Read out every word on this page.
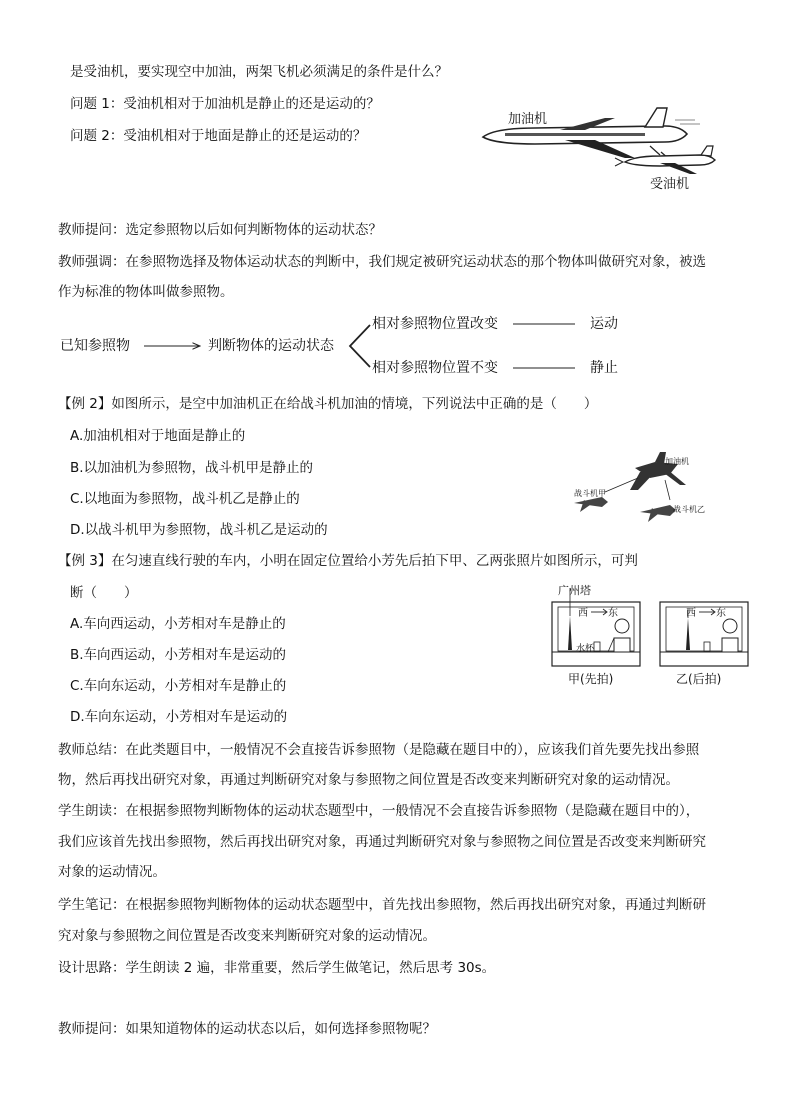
是受油机，要实现空中加油，两架飞机必须满足的条件是什么？
问题 1：受油机相对于加油机是静止的还是运动的？
问题 2：受油机相对于地面是静止的还是运动的？
加油机
受油机
教师提问：选定参照物以后如何判断物体的运动状态？
教师强调：在参照物选择及物体运动状态的判断中，我们规定被研究运动状态的那个物体叫做研究对象，被选
作为标准的物体叫做参照物。
已知参照物	判断物体的运动状态
相对参照物位置改变
相对参照物位置不变
运动
静止
【例 2】如图所示，是空中加油机正在给战斗机加油的情境，下列说法中正确的是（　　）
A.加油机相对于地面是静止的
B.以加油机为参照物，战斗机甲是静止的
C.以地面为参照物，战斗机乙是静止的
D.以战斗机甲为参照物，战斗机乙是运动的
加油机
战斗机甲
战斗机乙
【例 3】在匀速直线行驶的车内，小明在固定位置给小芳先后拍下甲、乙两张照片如图所示，可判
断（　　）
A.车向西运动，小芳相对车是静止的
B.车向西运动，小芳相对车是运动的
C.车向东运动，小芳相对车是静止的
D.车向东运动，小芳相对车是运动的
广州塔
西 东	西 东
水杯
甲(先拍)	乙(后拍)
教师总结：在此类题目中，一般情况不会直接告诉参照物（是隐藏在题目中的），应该我们首先要先找出参照
物，然后再找出研究对象，再通过判断研究对象与参照物之间位置是否改变来判断研究对象的运动情况。
学生朗读：在根据参照物判断物体的运动状态题型中，一般情况不会直接告诉参照物（是隐藏在题目中的），
我们应该首先找出参照物，然后再找出研究对象，再通过判断研究对象与参照物之间位置是否改变来判断研究
对象的运动情况。
学生笔记：在根据参照物判断物体的运动状态题型中，首先找出参照物，然后再找出研究对象，再通过判断研
究对象与参照物之间位置是否改变来判断研究对象的运动情况。
设计思路：学生朗读 2 遍，非常重要，然后学生做笔记，然后思考 30s。
教师提问：如果知道物体的运动状态以后，如何选择参照物呢？
